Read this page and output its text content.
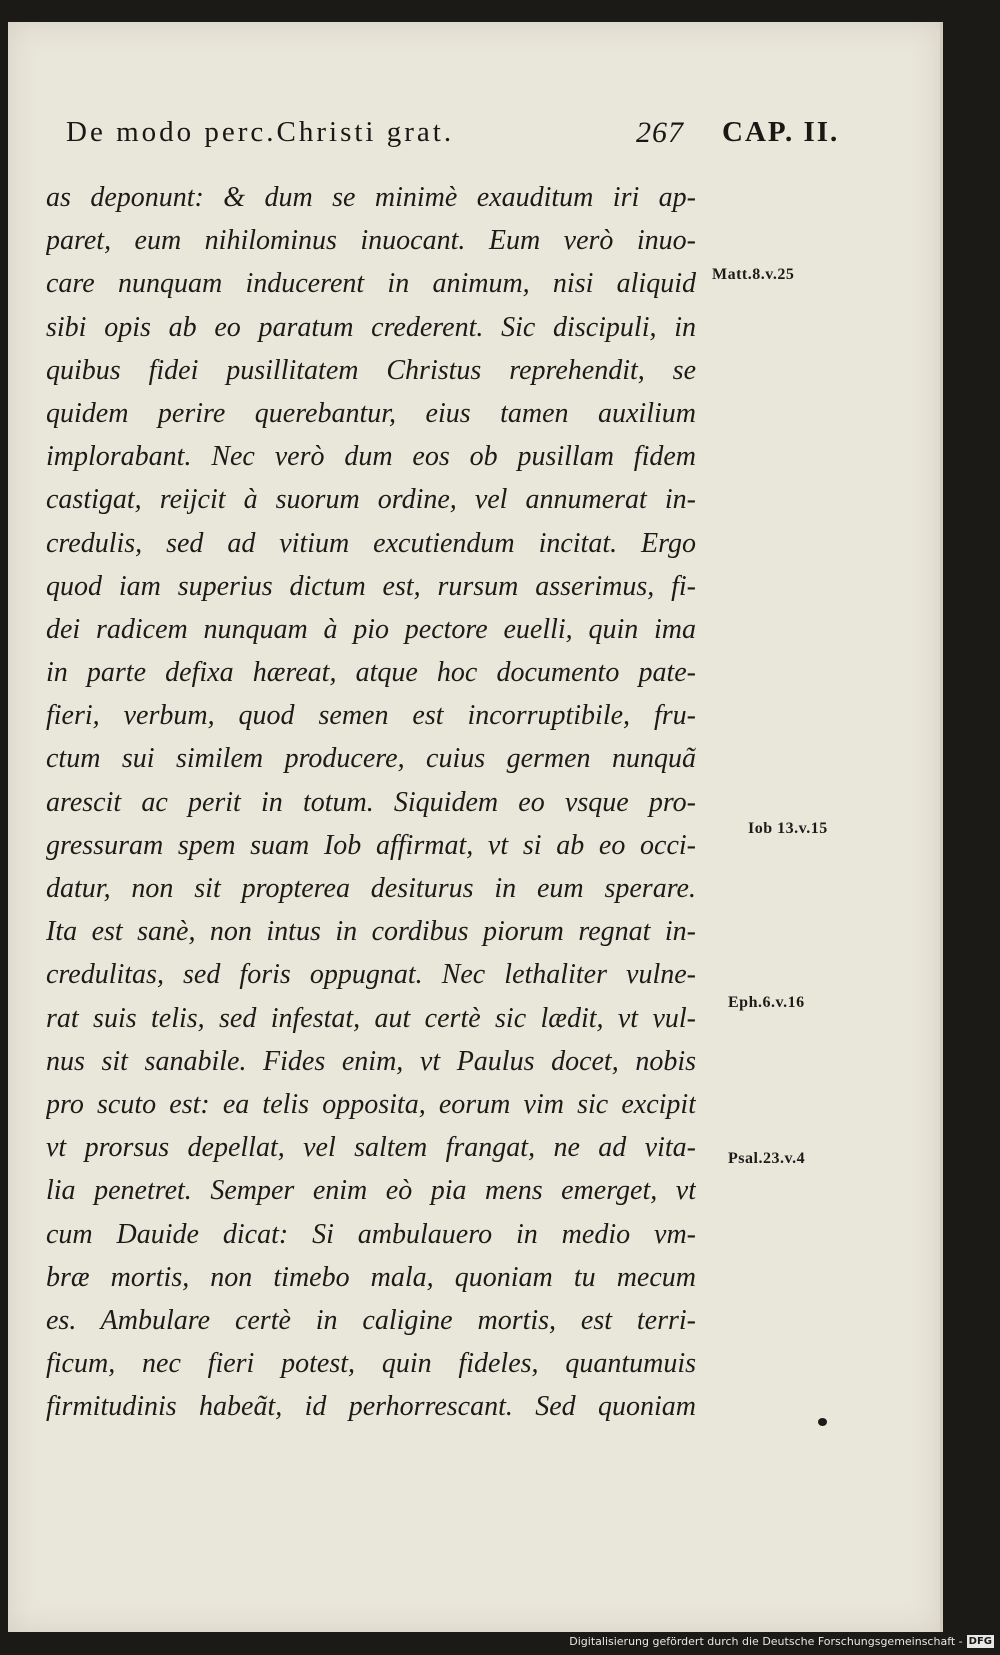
De modo perc.Christi grat.	267 CAP. II.
as deponunt: & dum se minimè exauditum iri ap-
paret, eum nihilominus inuocant. Eum verò inuo-
care nunquam inducerent in animum, nisi aliquid
sibi opis ab eo paratum crederent. Sic discipuli, in
quibus fidei pusillitatem Christus reprehendit, se
quidem perire querebantur, eius tamen auxilium
implorabant. Nec verò dum eos ob pusillam fidem
castigat, reijcit à suorum ordine, vel annumerat in-
credulis, sed ad vitium excutiendum incitat. Ergo
quod iam superius dictum est, rursum asserimus, fi-
dei radicem nunquam à pio pectore euelli, quin ima
in parte defixa hæreat, atque hoc documento pate-
fieri, verbum, quod semen est incorruptibile, fru-
ctum sui similem producere, cuius germen nunquã
arescit ac perit in totum. Siquidem eo vsque pro-
gressuram spem suam Iob affirmat, vt si ab eo occi-
datur, non sit propterea desiturus in eum sperare.
Ita est sanè, non intus in cordibus piorum regnat in-
credulitas, sed foris oppugnat. Nec lethaliter vulne-
rat suis telis, sed infestat, aut certè sic lædit, vt vul-
nus sit sanabile. Fides enim, vt Paulus docet, nobis
pro scuto est: ea telis opposita, eorum vim sic excipit
vt prorsus depellat, vel saltem frangat, ne ad vita-
lia penetret. Semper enim eò pia mens emerget, vt
cum Dauide dicat: Si ambulauero in medio vm-
bræ mortis, non timebo mala, quoniam tu mecum
es. Ambulare certè in caligine mortis, est terri-
ficum, nec fieri potest, quin fideles, quantumuis
firmitudinis habeãt, id perhorrescant. Sed quoniam
Matt.8.v.25
Iob 13.v.15
Eph.6.v.16
Psal.23.v.4
Digitalisierung gefördert durch die Deutsche Forschungsgemeinschaft - DFG
